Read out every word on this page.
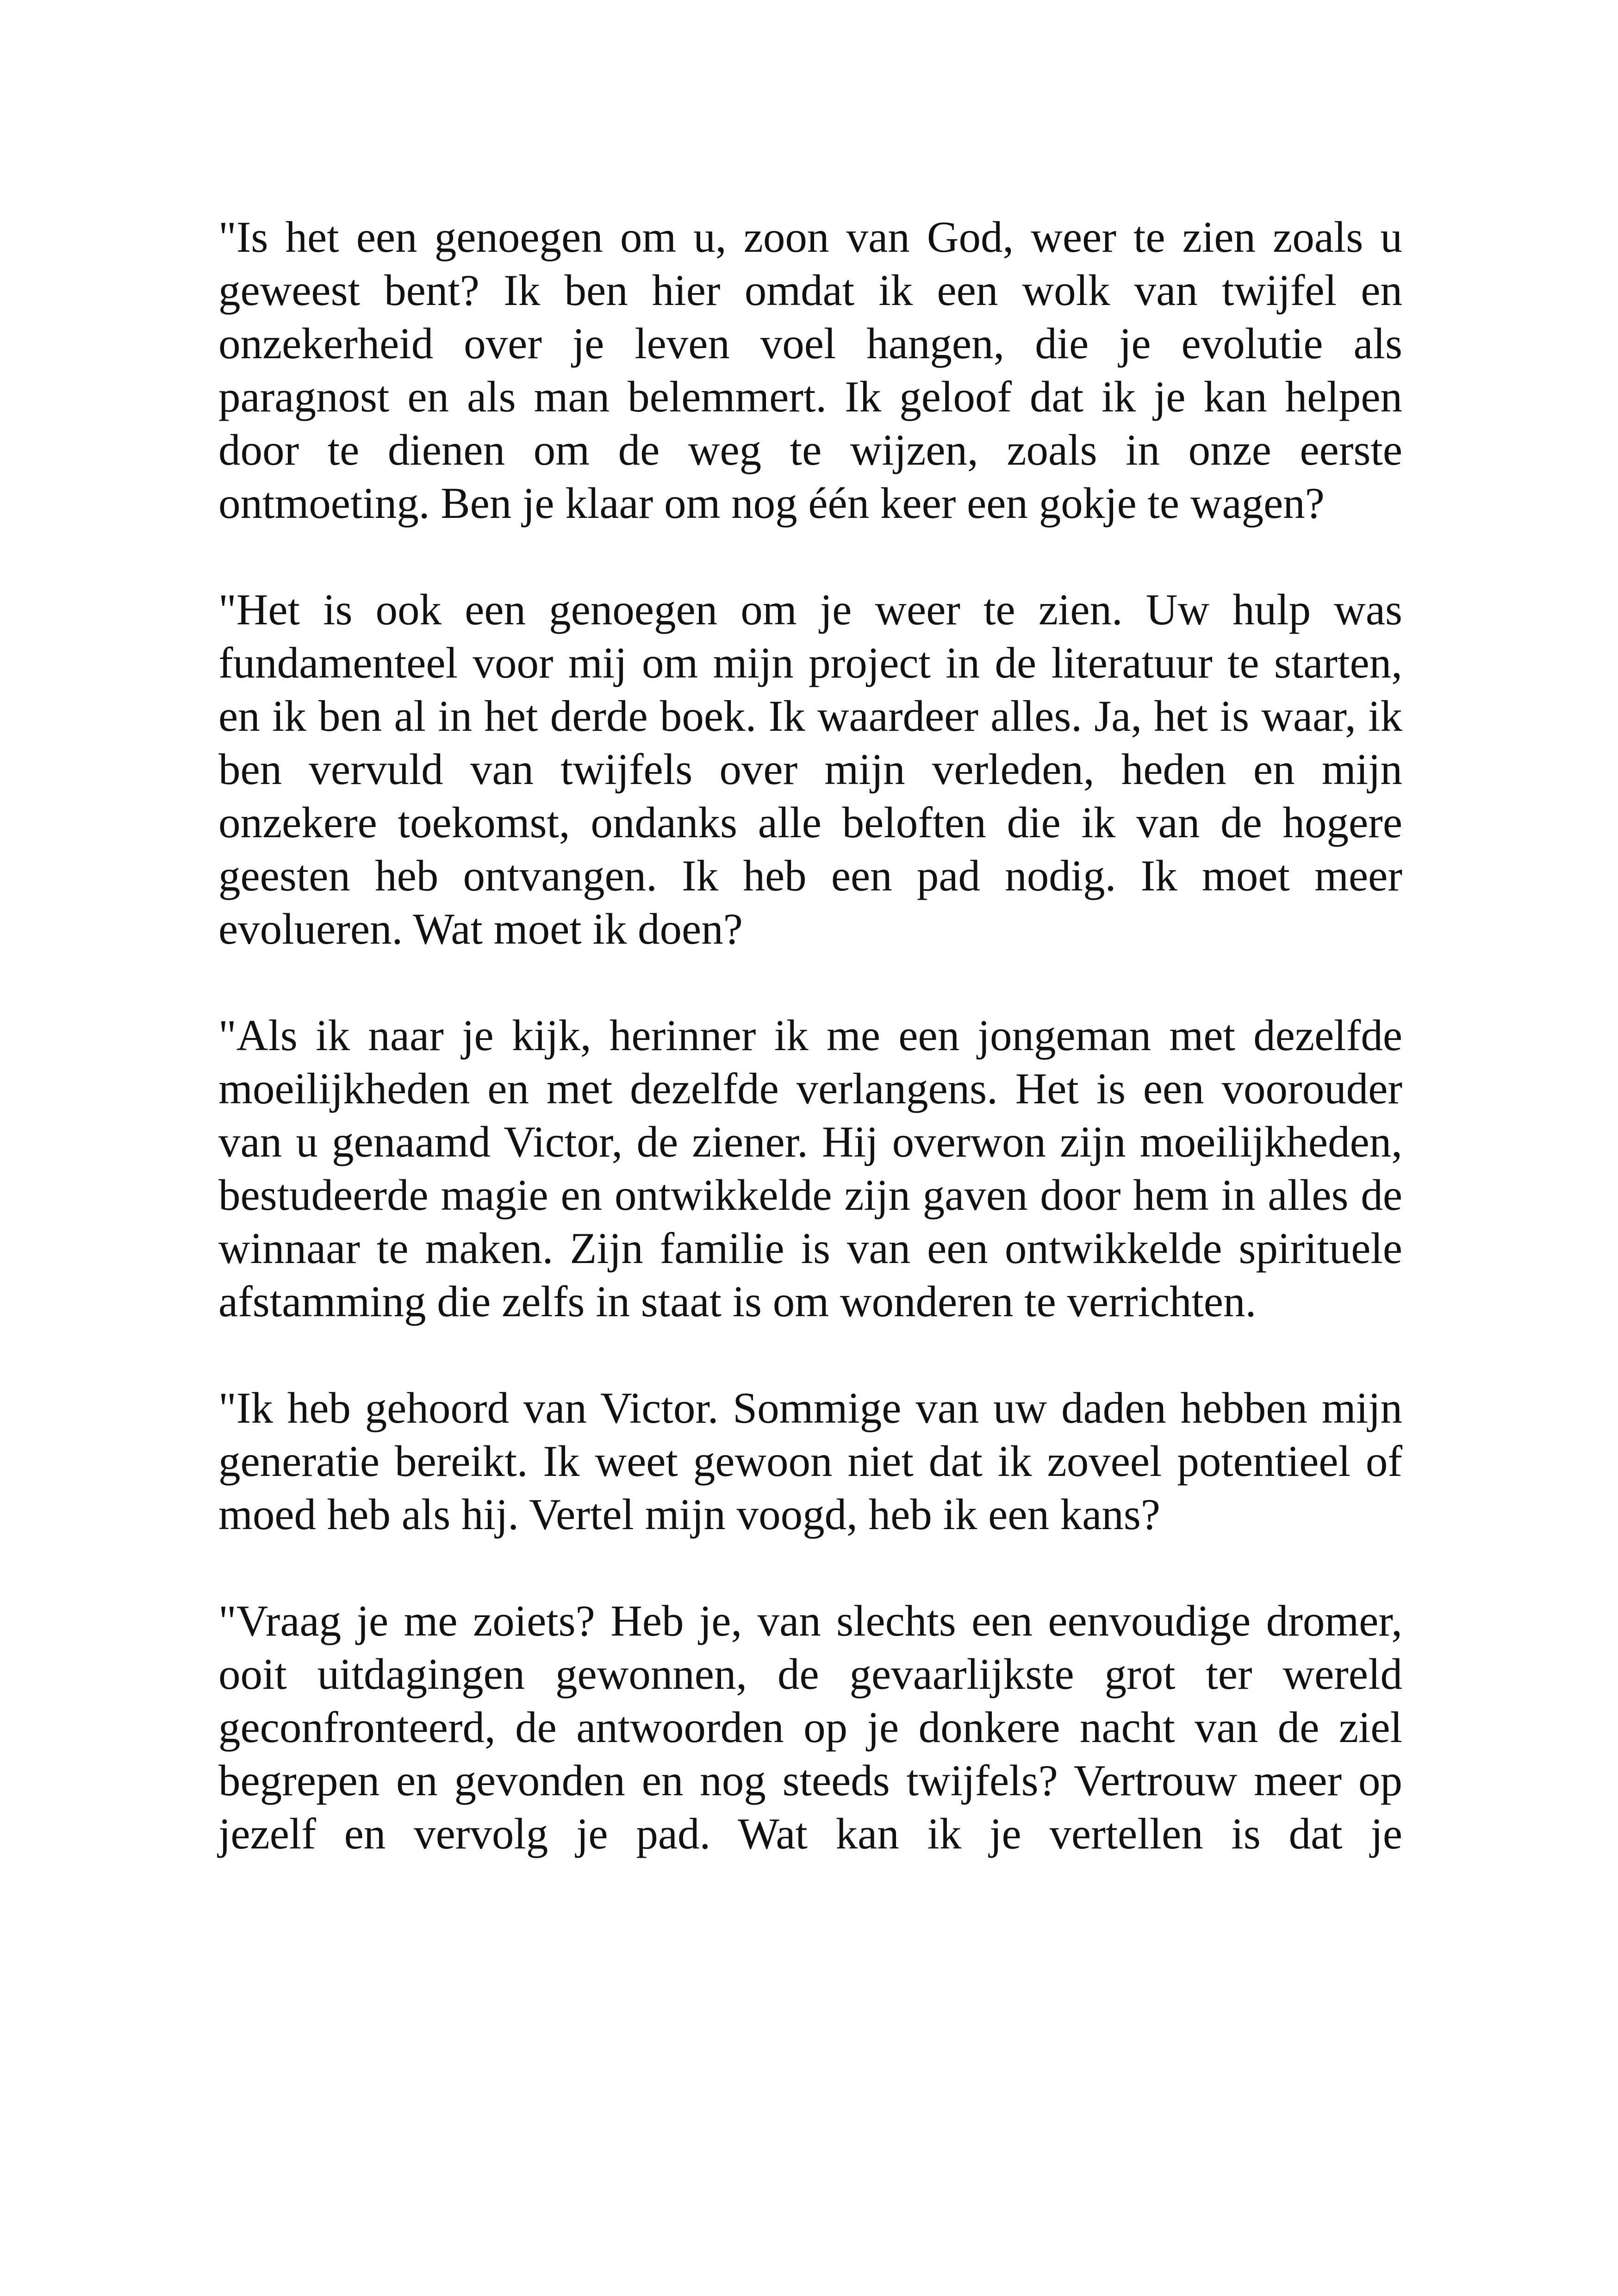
"Is het een genoegen om u, zoon van God, weer te zien zoals u geweest bent? Ik ben hier omdat ik een wolk van twijfel en onzekerheid over je leven voel hangen, die je evolutie als paragnost en als man belemmert. Ik geloof dat ik je kan helpen door te dienen om de weg te wijzen, zoals in onze eerste ontmoeting. Ben je klaar om nog één keer een gokje te wagen?

"Het is ook een genoegen om je weer te zien. Uw hulp was fundamenteel voor mij om mijn project in de literatuur te starten, en ik ben al in het derde boek. Ik waardeer alles. Ja, het is waar, ik ben vervuld van twijfels over mijn verleden, heden en mijn onzekere toekomst, ondanks alle beloften die ik van de hogere geesten heb ontvangen. Ik heb een pad nodig. Ik moet meer evolueren. Wat moet ik doen?

"Als ik naar je kijk, herinner ik me een jongeman met dezelfde moeilijkheden en met dezelfde verlangens. Het is een voorouder van u genaamd Victor, de ziener. Hij overwon zijn moeilijkheden, bestudeerde magie en ontwikkelde zijn gaven door hem in alles de winnaar te maken. Zijn familie is van een ontwikkelde spirituele afstamming die zelfs in staat is om wonderen te verrichten.

"Ik heb gehoord van Victor. Sommige van uw daden hebben mijn generatie bereikt. Ik weet gewoon niet dat ik zoveel potentieel of moed heb als hij. Vertel mijn voogd, heb ik een kans?

"Vraag je me zoiets? Heb je, van slechts een eenvoudige dromer, ooit uitdagingen gewonnen, de gevaarlijkste grot ter wereld geconfronteerd, de antwoorden op je donkere nacht van de ziel begrepen en gevonden en nog steeds twijfels? Vertrouw meer op jezelf en vervolg je pad. Wat kan ik je vertellen is dat je
